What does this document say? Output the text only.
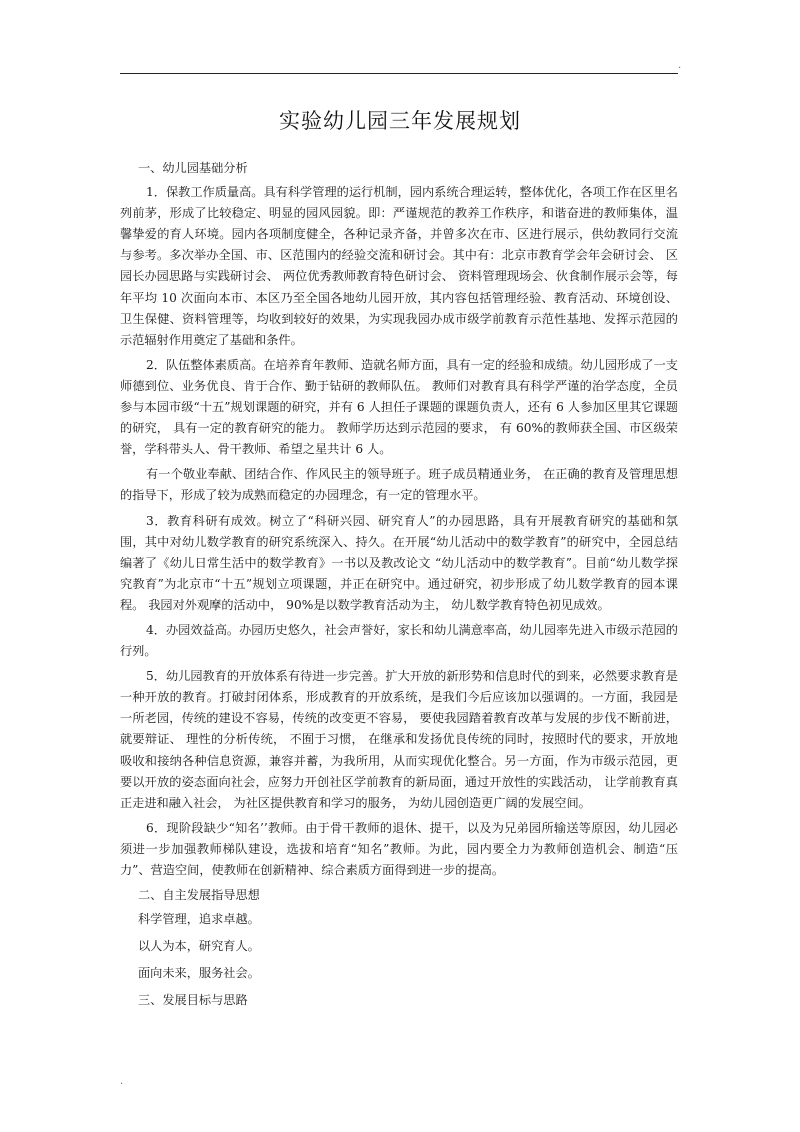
.
实验幼儿园三年发展规划
一、幼儿园基础分析

1．保教工作质量高。具有科学管理的运行机制，园内系统合理运转，整体优化，各项工作在区里名列前茅，形成了比较稳定、明显的园风园貌。即：严谨规范的教养工作秩序，和谐奋进的教师集体，温馨挚爱的育人环境。园内各项制度健全，各种记录齐备，并曾多次在市、区进行展示，供幼教同行交流与参考。多次举办全国、市、区范围内的经验交流和研讨会。其中有：北京市教育学会年会研讨会、 区园长办园思路与实践研讨会、 两位优秀教师教育特色研讨会、 资料管理现场会、伙食制作展示会等，每年平均 10 次面向本市、本区乃至全国各地幼儿园开放，其内容包括管理经验、教育活动、环境创设、卫生保健、资料管理等，均收到较好的效果，为实现我园办成市级学前教育示范性基地、发挥示范园的示范辐射作用奠定了基础和条件。

2．队伍整体素质高。在培养育年教师、造就名师方面，具有一定的经验和成绩。幼儿园形成了一支师德到位、业务优良、肯于合作、勤于钻研的教师队伍。 教师们对教育具有科学严谨的治学态度，全员参与本园市级“十五”规划课题的研究，并有 6 人担任子课题的课题负责人，还有 6 人参加区里其它课题的研究， 具有一定的教育研究的能力。 教师学历达到示范园的要求， 有 60%的教师获全国、市区级荣誉，学科带头人、骨干教师、希望之星共计 6 人。

有一个敬业奉献、团结合作、作风民主的领导班子。班子成员精通业务， 在正确的教育及管理思想的指导下，形成了较为成熟而稳定的办园理念，有一定的管理水平。

3．教育科研有成效。树立了“科研兴园、研究育人”的办园思路，具有开展教育研究的基础和氛围，其中对幼儿数学教育的研究系统深入、持久。在开展“幼儿活动中的数学教育”的研究中，全园总结编著了《幼儿日常生活中的数学教育》一书以及教改论文 “幼儿活动中的数学教育”。目前“幼儿数学探究教育”为北京市“十五”规划立项课题，并正在研究中。通过研究，初步形成了幼儿数学教育的园本课程。 我园对外观摩的活动中， 90%是以数学教育活动为主， 幼儿数学教育特色初见成效。

4．办园效益高。办园历史悠久，社会声誉好，家长和幼儿满意率高，幼儿园率先进入市级示范园的行列。

5．幼儿园教育的开放体系有待进一步完善。扩大开放的新形势和信息时代的到来，必然要求教育是一种开放的教育。打破封闭体系，形成教育的开放系统，是我们今后应该加以强调的。一方面，我园是一所老园，传统的建设不容易，传统的改变更不容易， 要使我园踏着教育改革与发展的步伐不断前进， 就要辩证、 理性的分析传统， 不囿于习惯， 在继承和发扬优良传统的同时，按照时代的要求，开放地吸收和接纳各种信息资源，兼容并蓄，为我所用，从而实现优化整合。另一方面，作为市级示范园，更要以开放的姿态面向社会，应努力开创社区学前教育的新局面，通过开放性的实践活动， 让学前教育真正走进和融入社会， 为社区提供教育和学习的服务， 为幼儿园创造更广阔的发展空间。

6．现阶段缺少“知名’’教师。由于骨干教师的退休、提干，以及为兄弟园所输送等原因，幼儿园必须进一步加强教师梯队建设，选拔和培育“知名”教师。为此，园内要全力为教师创造机会、制造“压力”、营造空间，使教师在创新精神、综合素质方面得到进一步的提高。

二、自主发展指导思想
科学管理，追求卓越。
以人为本，研究育人。
面向未来，服务社会。
三、发展目标与思路
.
